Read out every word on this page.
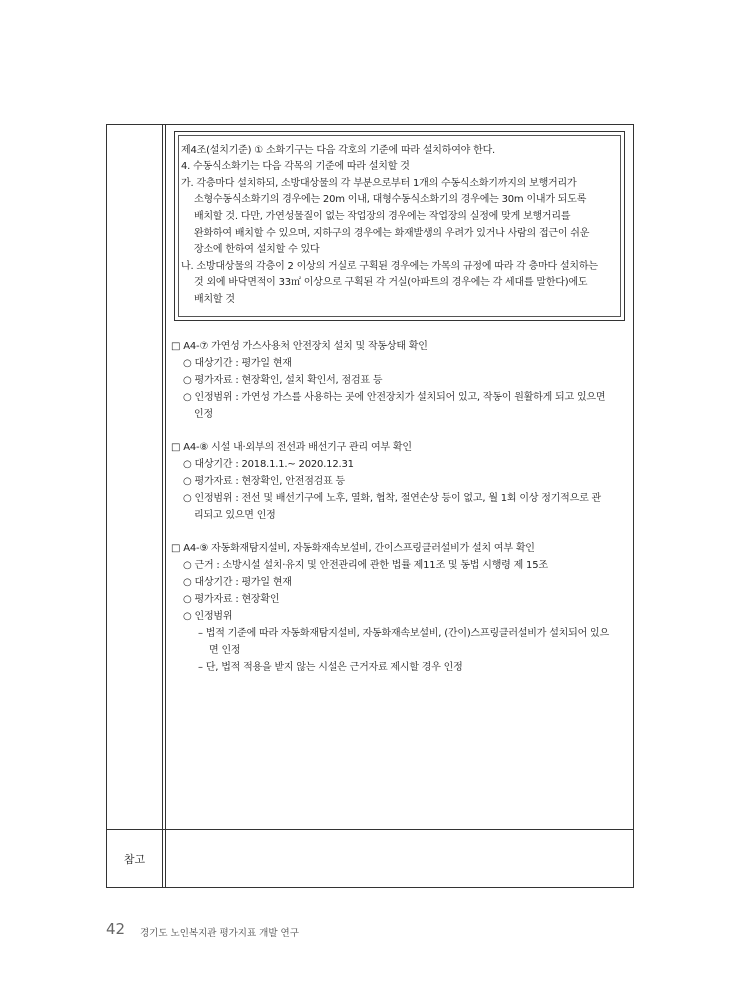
참고
제4조(설치기준) ① 소화기구는 다음 각호의 기준에 따라 설치하여야 한다.
4. 수동식소화기는 다음 각목의 기준에 따라 설치할 것
가. 각층마다 설치하되, 소방대상물의 각 부분으로부터 1개의 수동식소화기까지의 보행거리가
소형수동식소화기의 경우에는 20m 이내, 대형수동식소화기의 경우에는 30m 이내가 되도록
배치할 것. 다만, 가연성물질이 없는 작업장의 경우에는 작업장의 실정에 맞게 보행거리를
완화하여 배치할 수 있으며, 지하구의 경우에는 화재발생의 우려가 있거나 사람의 접근이 쉬운
장소에 한하여 설치할 수 있다
나. 소방대상물의 각층이 2 이상의 거실로 구획된 경우에는 가목의 규정에 따라 각 층마다 설치하는
것 외에 바닥면적이 33㎡ 이상으로 구획된 각 거실(아파트의 경우에는 각 세대를 말한다)에도
배치할 것
□ A4-⑦ 가연성 가스사용처 안전장치 설치 및 작동상태 확인
○ 대상기간 : 평가일 현재
○ 평가자료 : 현장확인, 설치 확인서, 점검표 등
○ 인정범위 : 가연성 가스를 사용하는 곳에 안전장치가 설치되어 있고, 작동이 원활하게 되고 있으면
인정
□ A4-⑧ 시설 내·외부의 전선과 배선기구 관리 여부 확인
○ 대상기간 : 2018.1.1.~ 2020.12.31
○ 평가자료 : 현장확인, 안전점검표 등
○ 인정범위 : 전선 및 배선기구에 노후, 열화, 협착, 절연손상 등이 없고, 월 1회 이상 정기적으로 관
리되고 있으면 인정
□ A4-⑨ 자동화재탐지설비, 자동화재속보설비, 간이스프링클러설비가 설치 여부 확인
○ 근거 : 소방시설 설치·유지 및 안전관리에 관한 법률 제11조 및 동법 시행령 제 15조
○ 대상기간 : 평가일 현재
○ 평가자료 : 현장확인
○ 인정범위
– 법적 기준에 따라 자동화재탐지설비, 자동화재속보설비, (간이)스프링클러설비가 설치되어 있으
면 인정
– 단, 법적 적용을 받지 않는 시설은 근거자료 제시할 경우 인정
42 경기도 노인복지관 평가지표 개발 연구
